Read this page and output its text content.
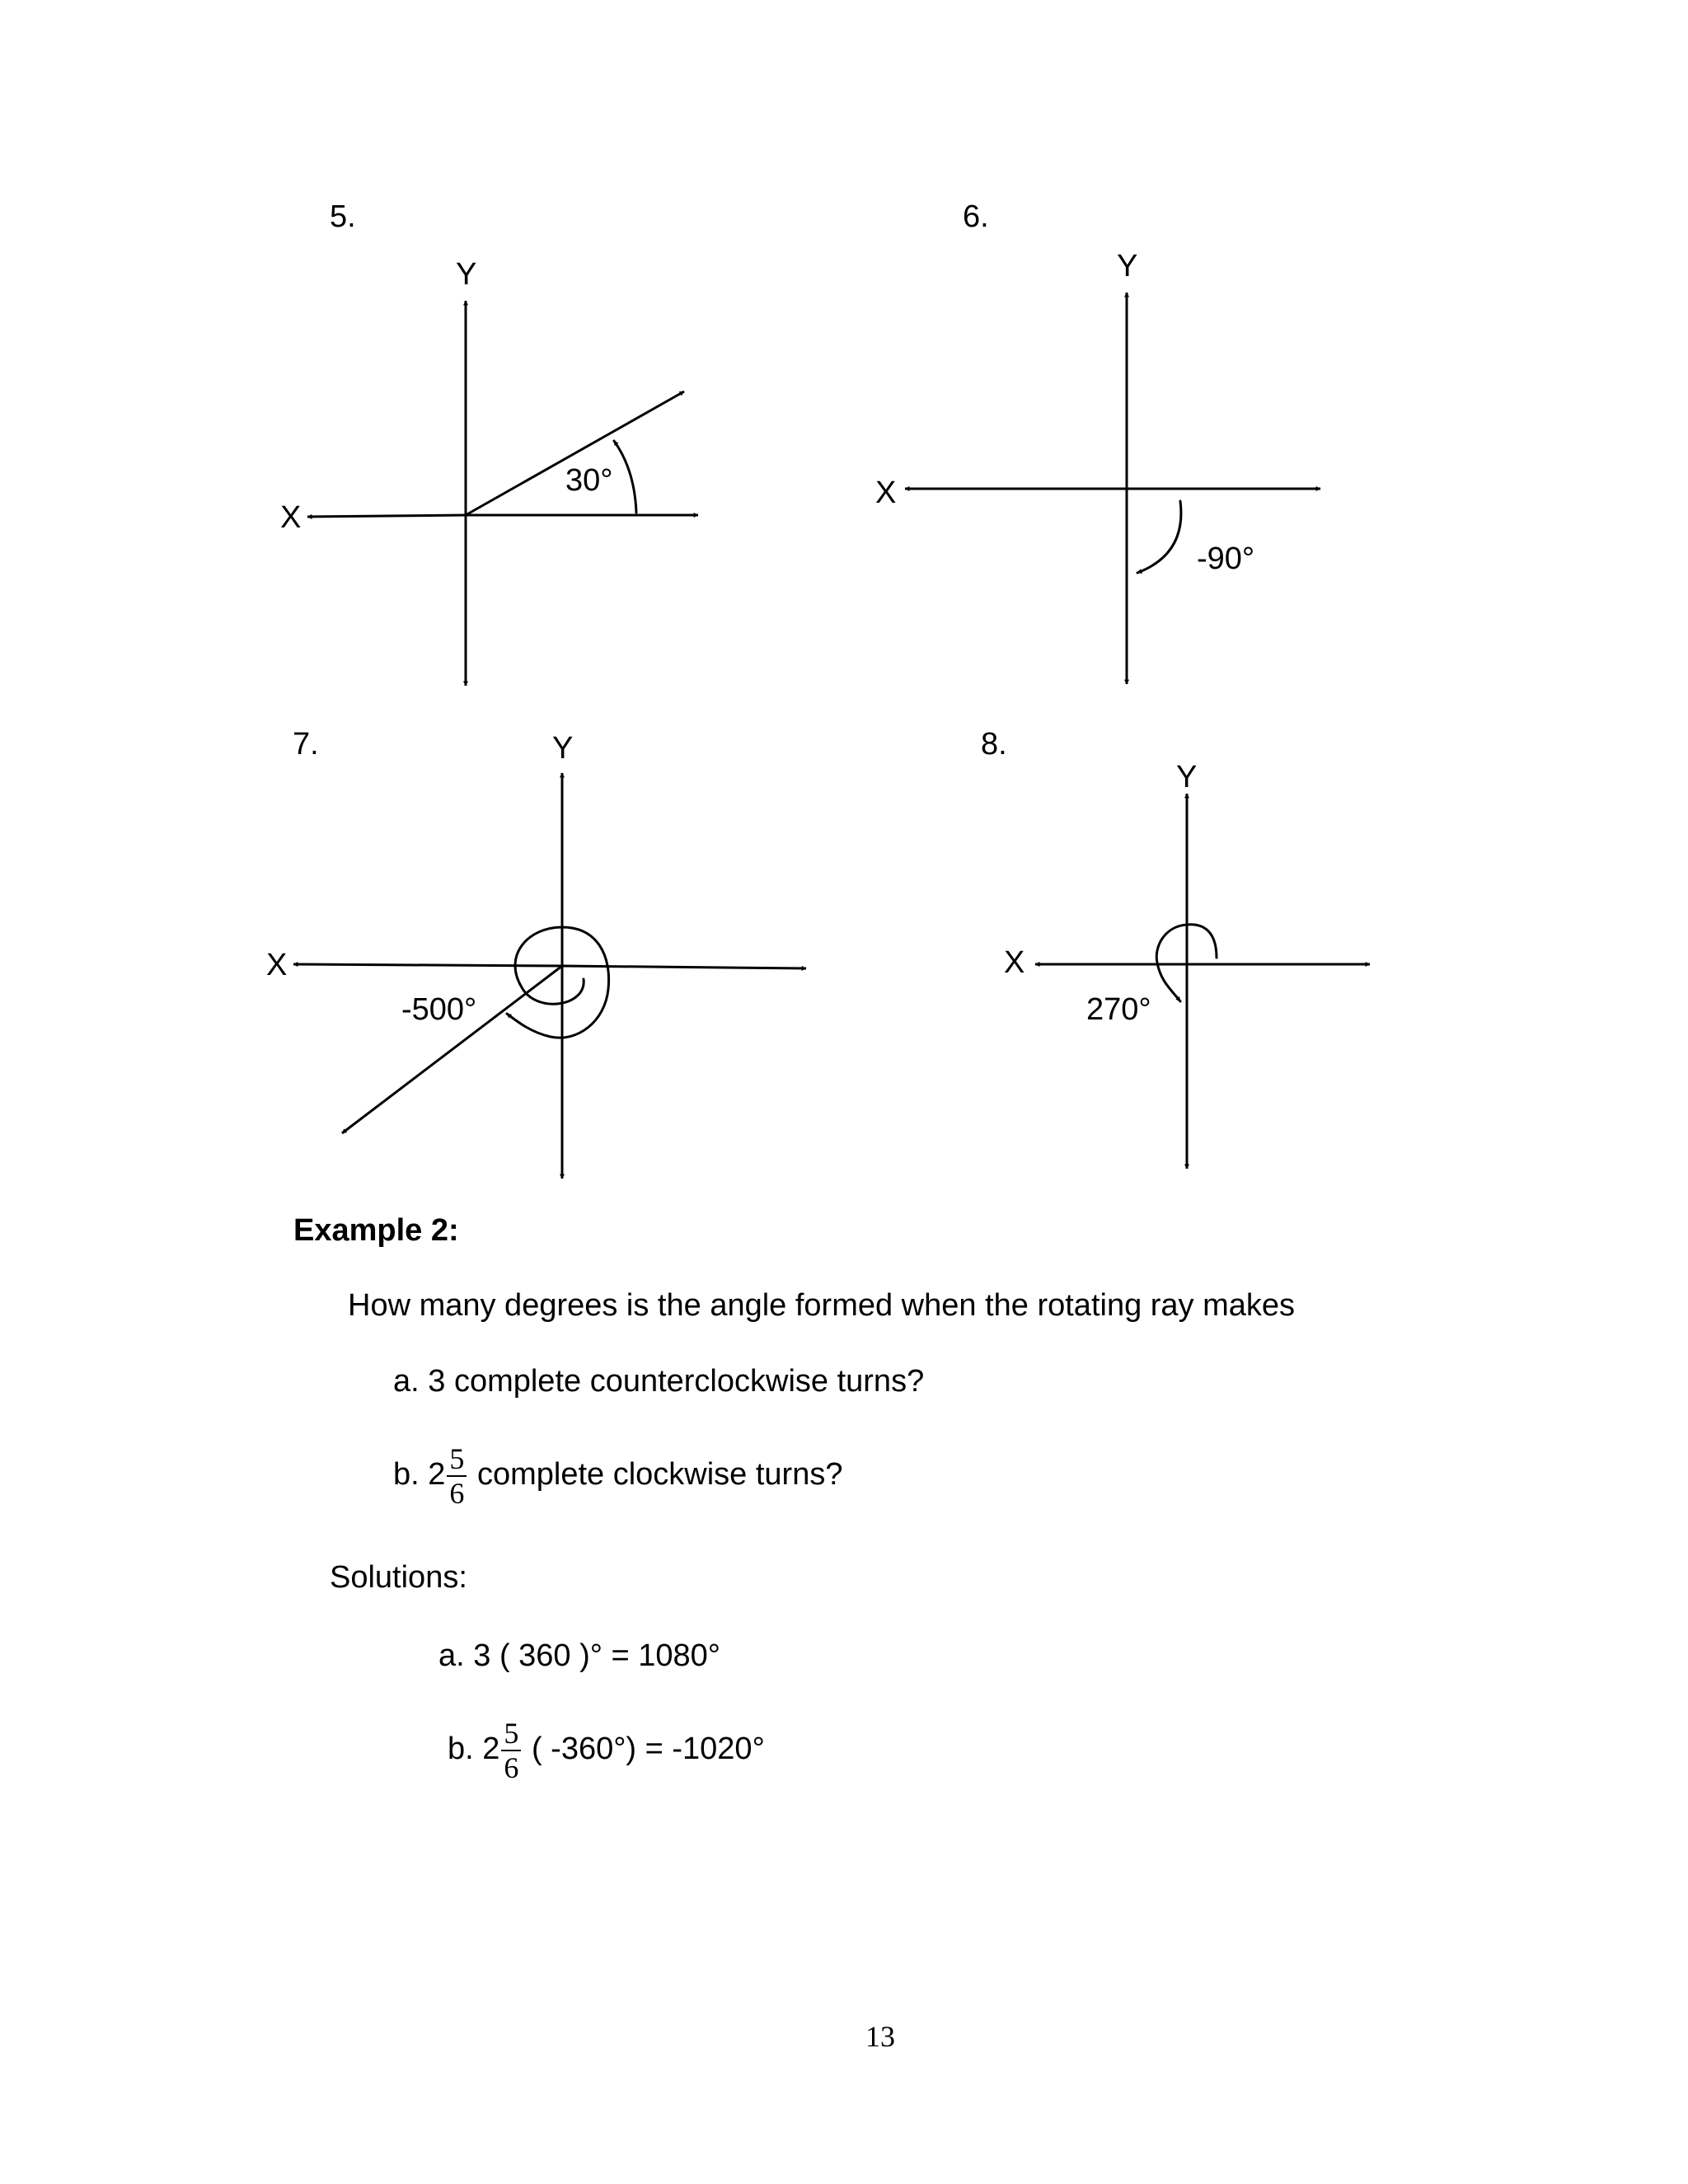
5.
Y
X
30°
6.
Y
X
-90°
7.	Y
X
-500°
8.
Y
X
270°
Example 2:
How many degrees is the angle formed when the rotating ray makes
a. 3 complete counterclockwise turns?
b. $2 \frac{5}{6}$ complete clockwise turns?
Solutions:
a. 3 ( 360 )° = 1080°
b. $2 \frac{5}{6}$ ( -360°) = -1020°
13
